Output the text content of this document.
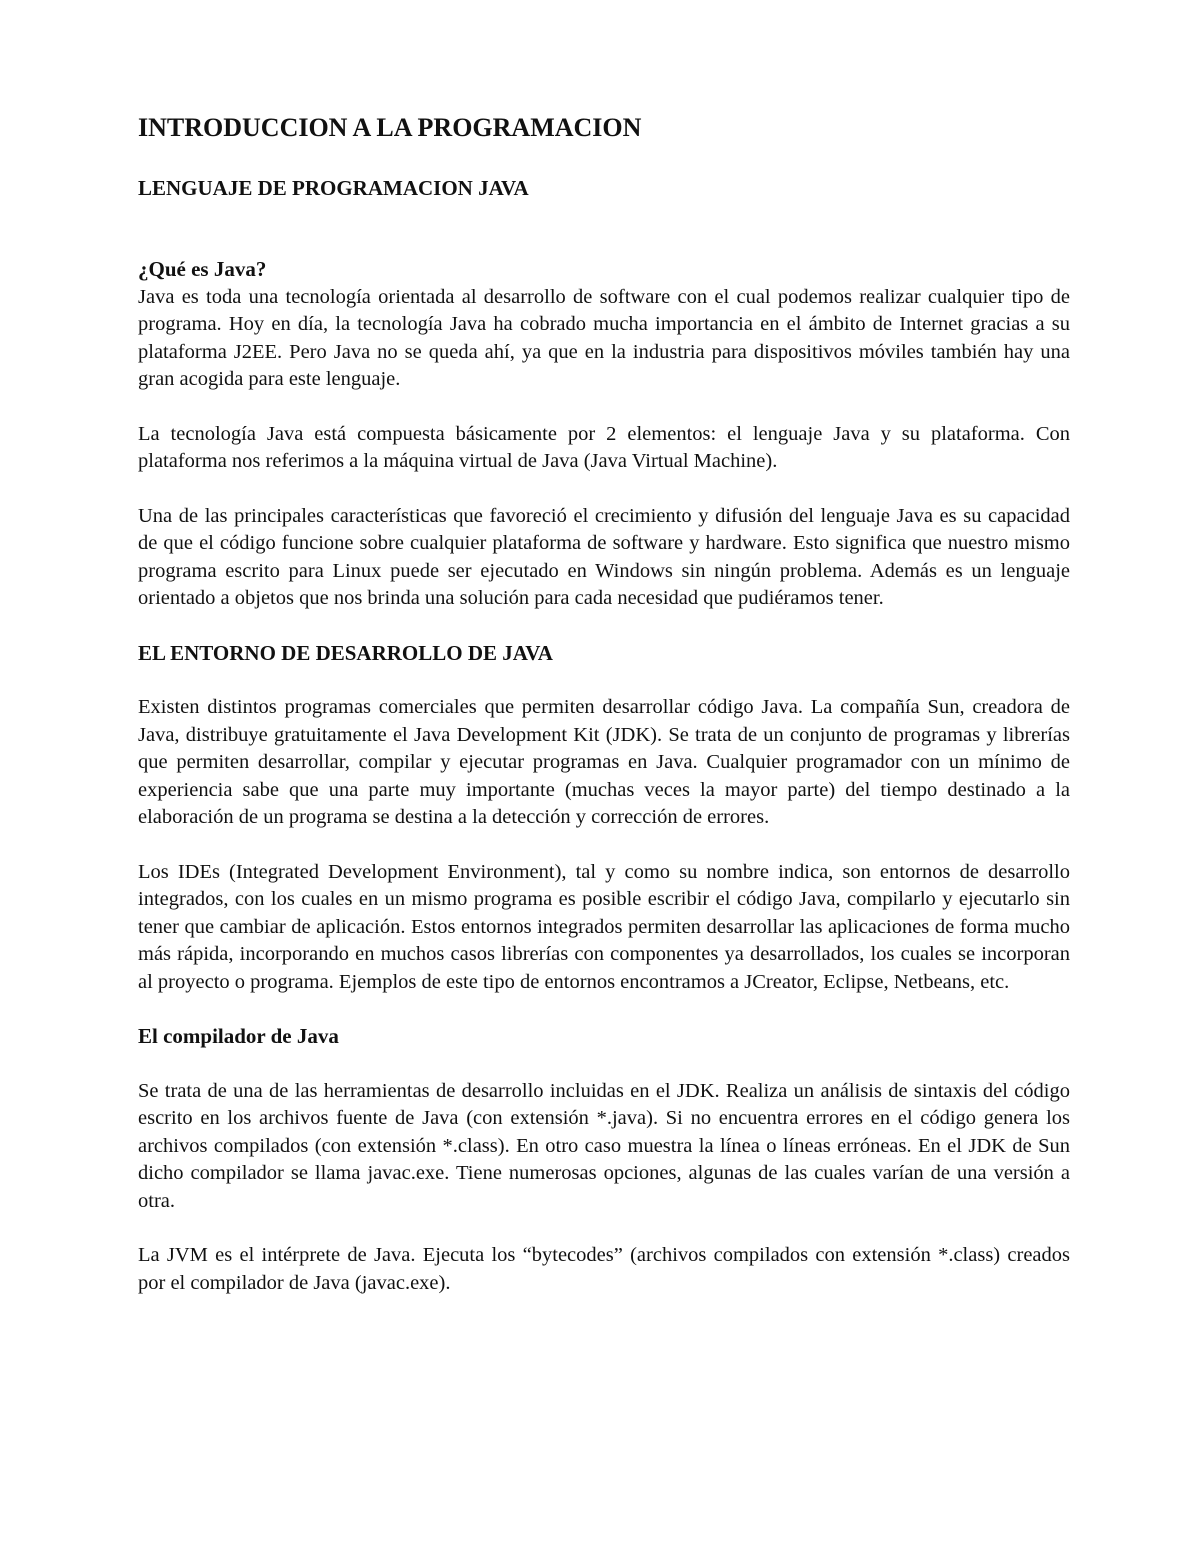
INTRODUCCION A LA PROGRAMACION
LENGUAJE DE PROGRAMACION JAVA
¿Qué es Java?

Java es toda una tecnología orientada al desarrollo de software con el cual podemos realizar cualquier tipo de programa. Hoy en día, la tecnología Java ha cobrado mucha importancia en el ámbito de Internet gracias a su plataforma J2EE. Pero Java no se queda ahí, ya que en la industria para dispositivos móviles también hay una gran acogida para este lenguaje.

La tecnología Java está compuesta básicamente por 2 elementos: el lenguaje Java y su plataforma. Con plataforma nos referimos a la máquina virtual de Java (Java Virtual Machine).

Una de las principales características que favoreció el crecimiento y difusión del lenguaje Java es su capacidad de que el código funcione sobre cualquier plataforma de software y hardware. Esto significa que nuestro mismo programa escrito para Linux puede ser ejecutado en Windows sin ningún problema. Además es un lenguaje orientado a objetos que nos brinda una solución para cada necesidad que pudiéramos tener.

EL ENTORNO DE DESARROLLO DE JAVA

Existen distintos programas comerciales que permiten desarrollar código Java. La compañía Sun, creadora de Java, distribuye gratuitamente el Java Development Kit (JDK). Se trata de un conjunto de programas y librerías que permiten desarrollar, compilar y ejecutar programas en Java. Cualquier programador con un mínimo de experiencia sabe que una parte muy importante (muchas veces la mayor parte) del tiempo destinado a la elaboración de un programa se destina a la detección y corrección de errores.

Los IDEs (Integrated Development Environment), tal y como su nombre indica, son entornos de desarrollo integrados, con los cuales en un mismo programa es posible escribir el código Java, compilarlo y ejecutarlo sin tener que cambiar de aplicación. Estos entornos integrados permiten desarrollar las aplicaciones de forma mucho más rápida, incorporando en muchos casos librerías con componentes ya desarrollados, los cuales se incorporan al proyecto o programa. Ejemplos de este tipo de entornos encontramos a JCreator, Eclipse, Netbeans, etc.

El compilador de Java

Se trata de una de las herramientas de desarrollo incluidas en el JDK. Realiza un análisis de sintaxis del código escrito en los archivos fuente de Java (con extensión *.java). Si no encuentra errores en el código genera los archivos compilados (con extensión *.class). En otro caso muestra la línea o líneas erróneas. En el JDK de Sun dicho compilador se llama javac.exe. Tiene numerosas opciones, algunas de las cuales varían de una versión a otra.

La JVM es el intérprete de Java. Ejecuta los “bytecodes” (archivos compilados con extensión *.class) creados por el compilador de Java (javac.exe).
